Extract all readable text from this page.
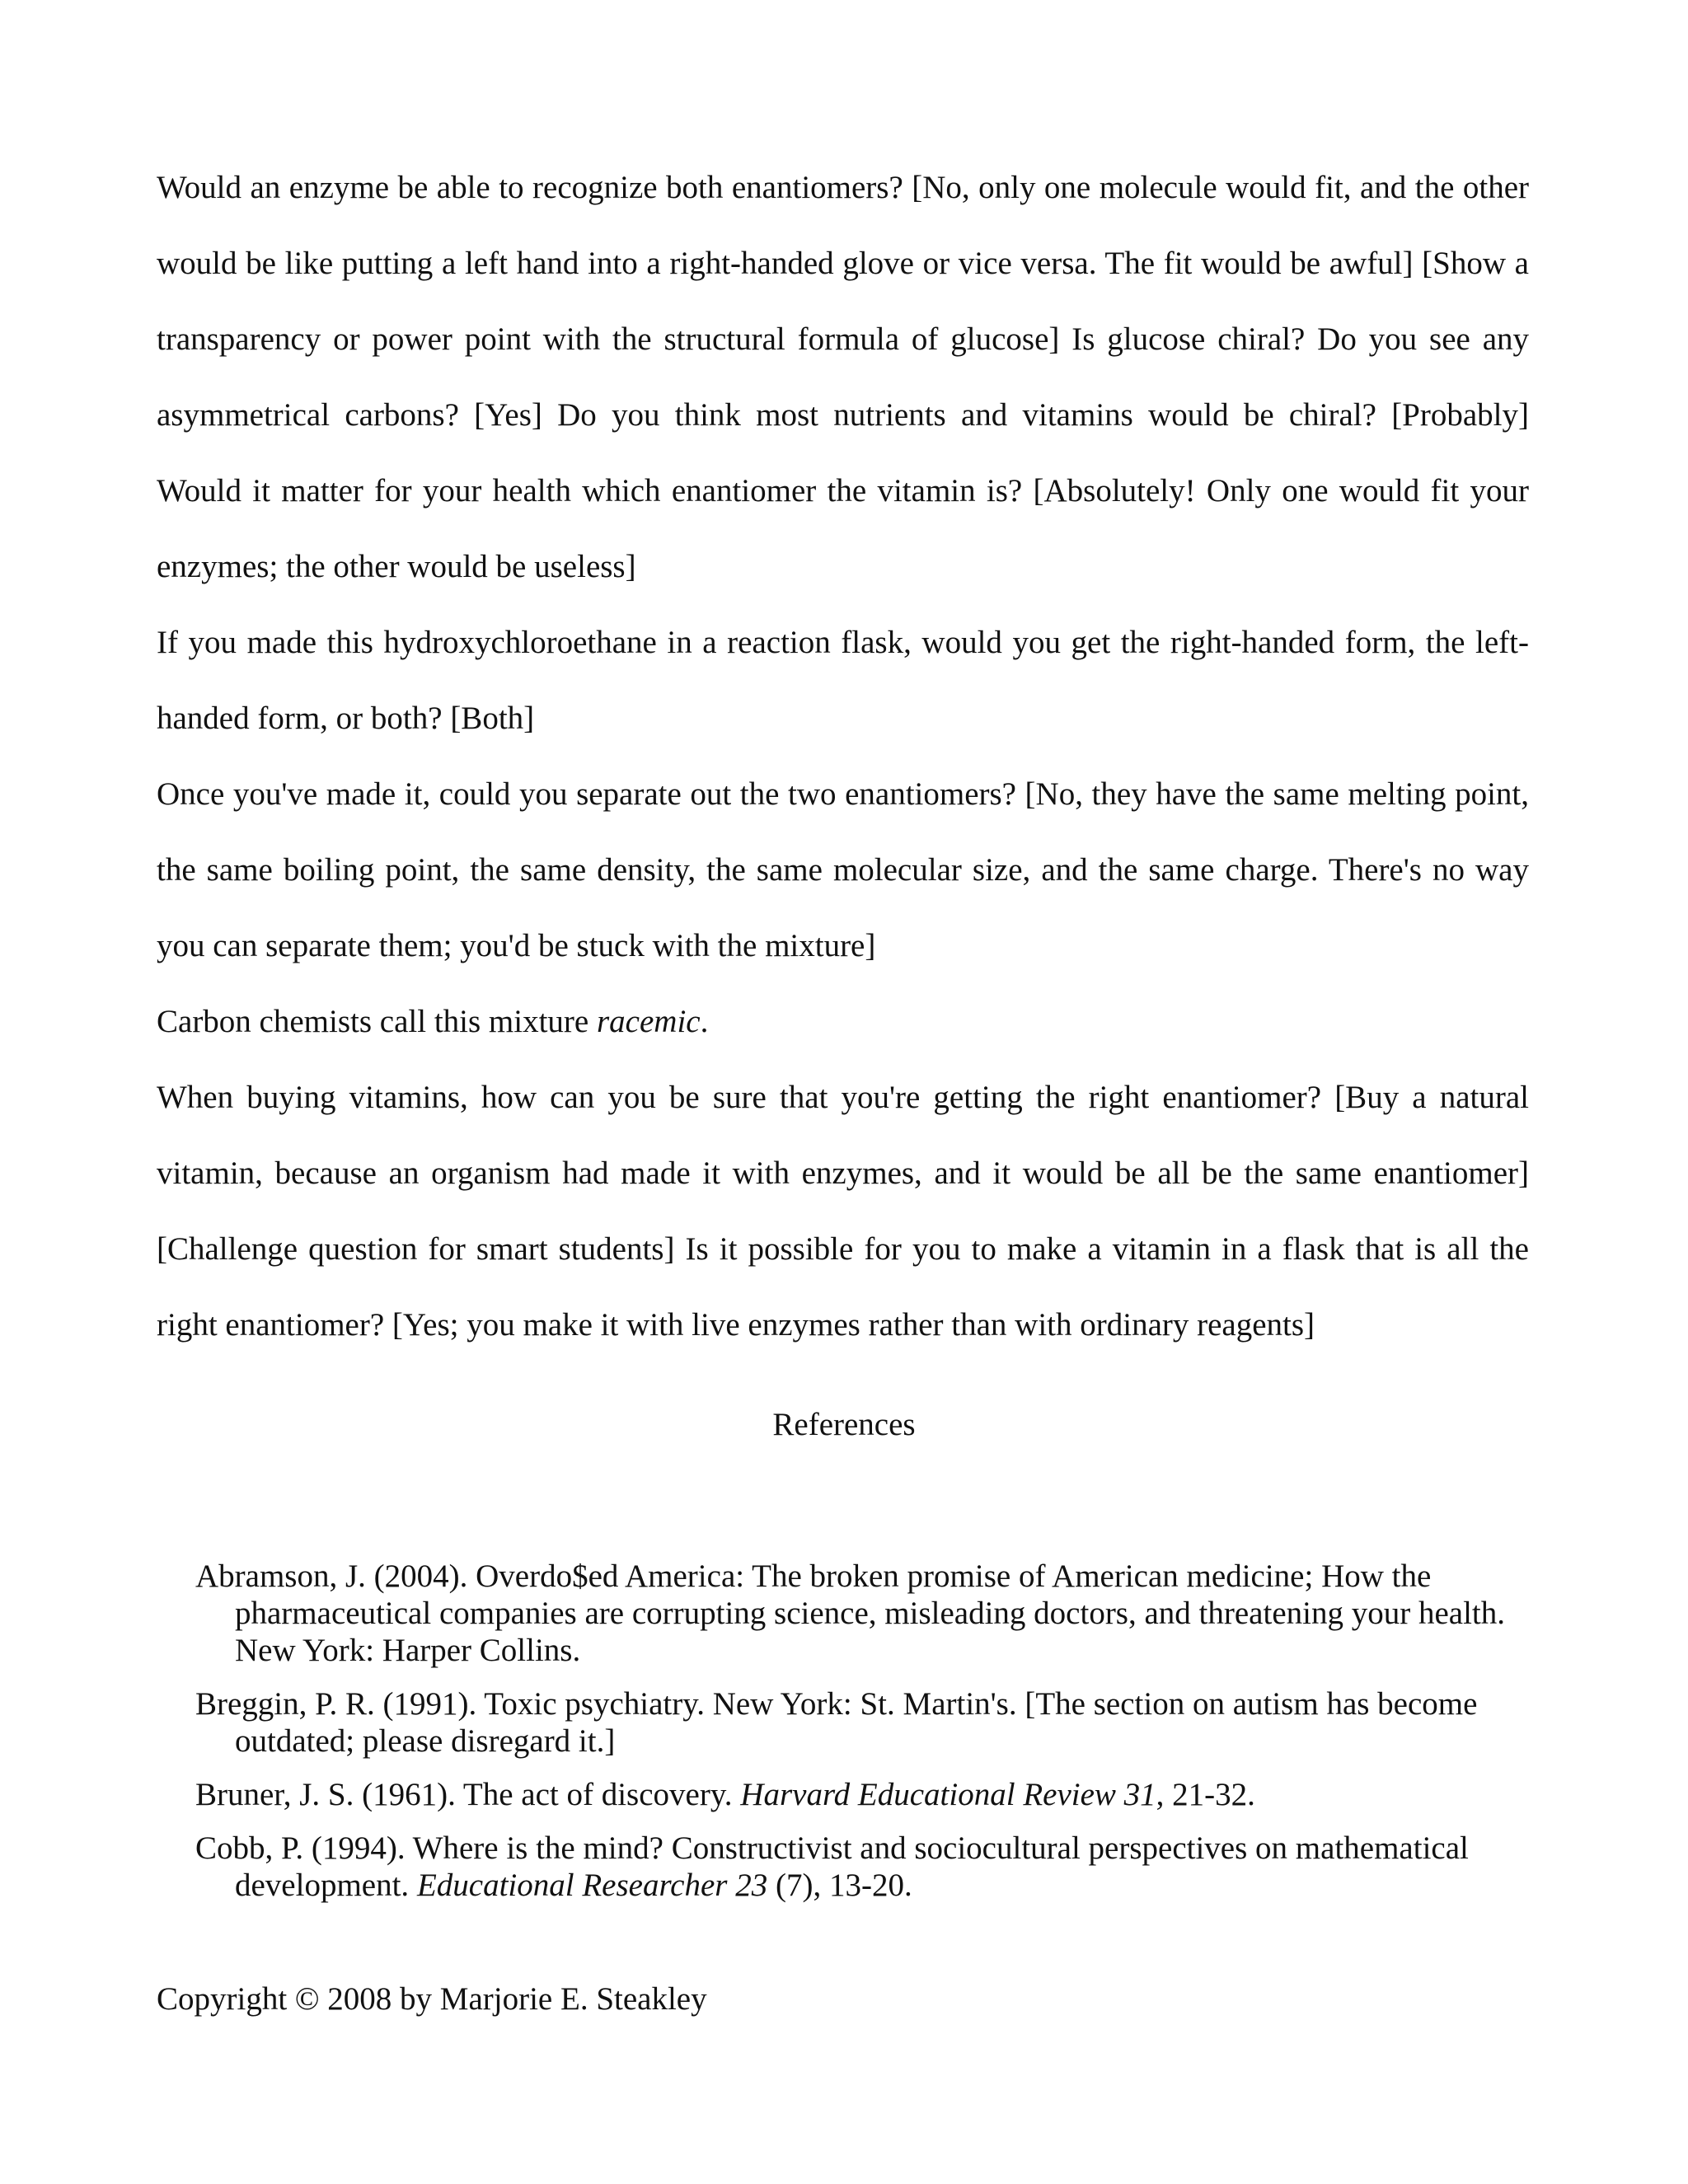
Would an enzyme be able to recognize both enantiomers? [No, only one molecule would fit, and the other would be like putting a left hand into a right-handed glove or vice versa. The fit would be awful] [Show a transparency or power point with the structural formula of glucose] Is glucose chiral? Do you see any asymmetrical carbons? [Yes] Do you think most nutrients and vitamins would be chiral? [Probably] Would it matter for your health which enantiomer the vitamin is? [Absolutely! Only one would fit your enzymes; the other would be useless]

If you made this hydroxychloroethane in a reaction flask, would you get the right-handed form, the left-handed form, or both? [Both]

Once you've made it, could you separate out the two enantiomers? [No, they have the same melting point, the same boiling point, the same density, the same molecular size, and the same charge. There's no way you can separate them; you'd be stuck with the mixture]

Carbon chemists call this mixture racemic.

When buying vitamins, how can you be sure that you're getting the right enantiomer? [Buy a natural vitamin, because an organism had made it with enzymes, and it would be all be the same enantiomer] [Challenge question for smart students] Is it possible for you to make a vitamin in a flask that is all the right enantiomer? [Yes; you make it with live enzymes rather than with ordinary reagents]

References

Abramson, J. (2004). Overdo$ed America: The broken promise of American medicine; How the pharmaceutical companies are corrupting science, misleading doctors, and threatening your health. New York: Harper Collins.

Breggin, P. R. (1991). Toxic psychiatry. New York: St. Martin's. [The section on autism has become outdated; please disregard it.]

Bruner, J. S. (1961). The act of discovery. Harvard Educational Review 31, 21-32.

Cobb, P. (1994). Where is the mind? Constructivist and sociocultural perspectives on mathematical development. Educational Researcher 23 (7), 13-20.

Copyright © 2008 by Marjorie E. Steakley
